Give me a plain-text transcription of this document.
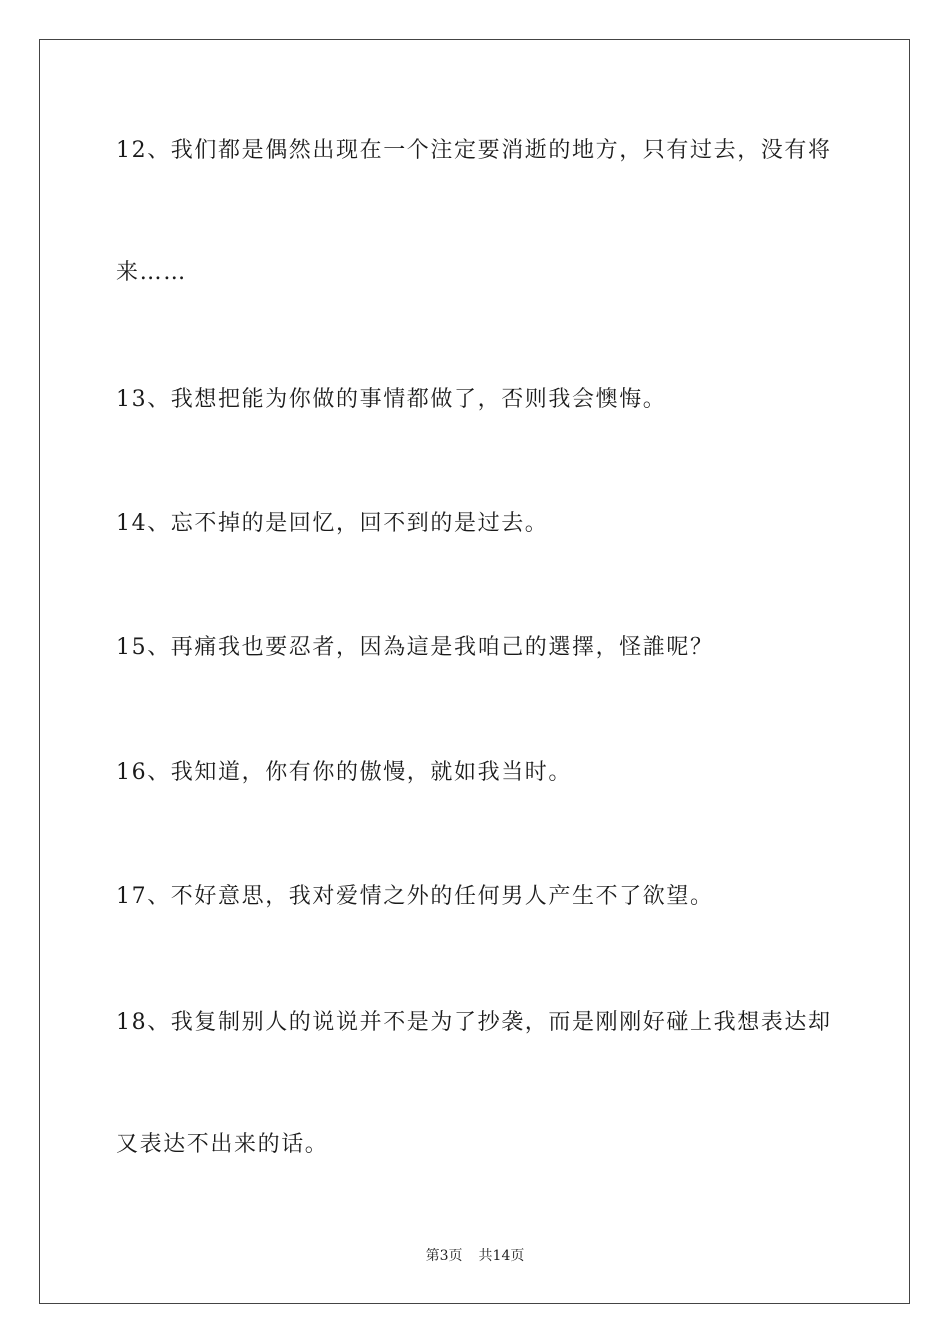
12、我们都是偶然出现在一个注定要消逝的地方，只有过去，没有将
来……
13、我想把能为你做的事情都做了，否则我会懊悔。
14、忘不掉的是回忆，回不到的是过去。
15、再痛我也要忍者，因為這是我咱己的選擇，怪誰呢？
16、我知道，你有你的傲慢，就如我当时。
17、不好意思，我对爱情之外的任何男人产生不了欲望。
18、我复制别人的说说并不是为了抄袭，而是刚刚好碰上我想表达却
又表达不出来的话。
第3页 共14页
